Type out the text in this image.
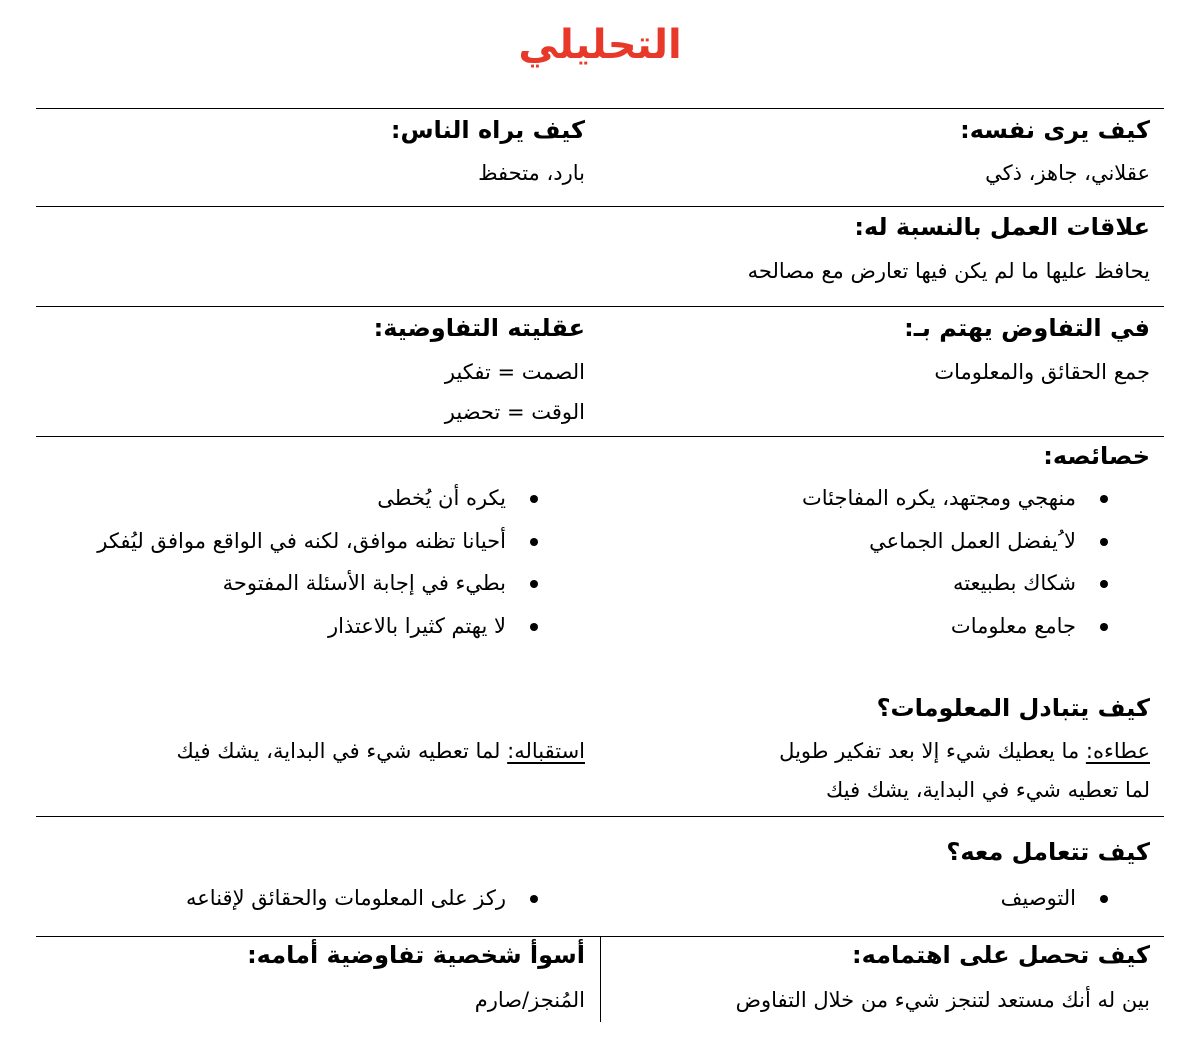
التحليلي
كيف يرى نفسه:
عقلاني، جاهز، ذكي
كيف يراه الناس:
بارد، متحفظ
علاقات العمل بالنسبة له:
يحافظ عليها ما لم يكن فيها تعارض مع مصالحه
في التفاوض يهتم بـ:
جمع الحقائق والمعلومات
عقليته التفاوضية:
الصمت = تفكير
الوقت = تحضير
خصائصه:
منهجي ومجتهد، يكره المفاجئات
لا ُيفضل العمل الجماعي
شكاك بطبيعته
جامع معلومات
يكره أن يُخطى
أحيانا تظنه موافق، لكنه في الواقع موافق ليُفكر
بطيء في إجابة الأسئلة المفتوحة
لا يهتم كثيرا بالاعتذار
كيف يتبادل المعلومات؟
عطاءه: ما يعطيك شيء إلا بعد تفكير طويل
لما تعطيه شيء في البداية، يشك فيك
استقباله: لما تعطيه شيء في البداية، يشك فيك
كيف تتعامل معه؟
التوصيف
ركز على المعلومات والحقائق لإقناعه
كيف تحصل على اهتمامه:
بين له أنك مستعد لتنجز شيء من خلال التفاوض
أسوأ شخصية تفاوضية أمامه:
المُنجز/صارم
